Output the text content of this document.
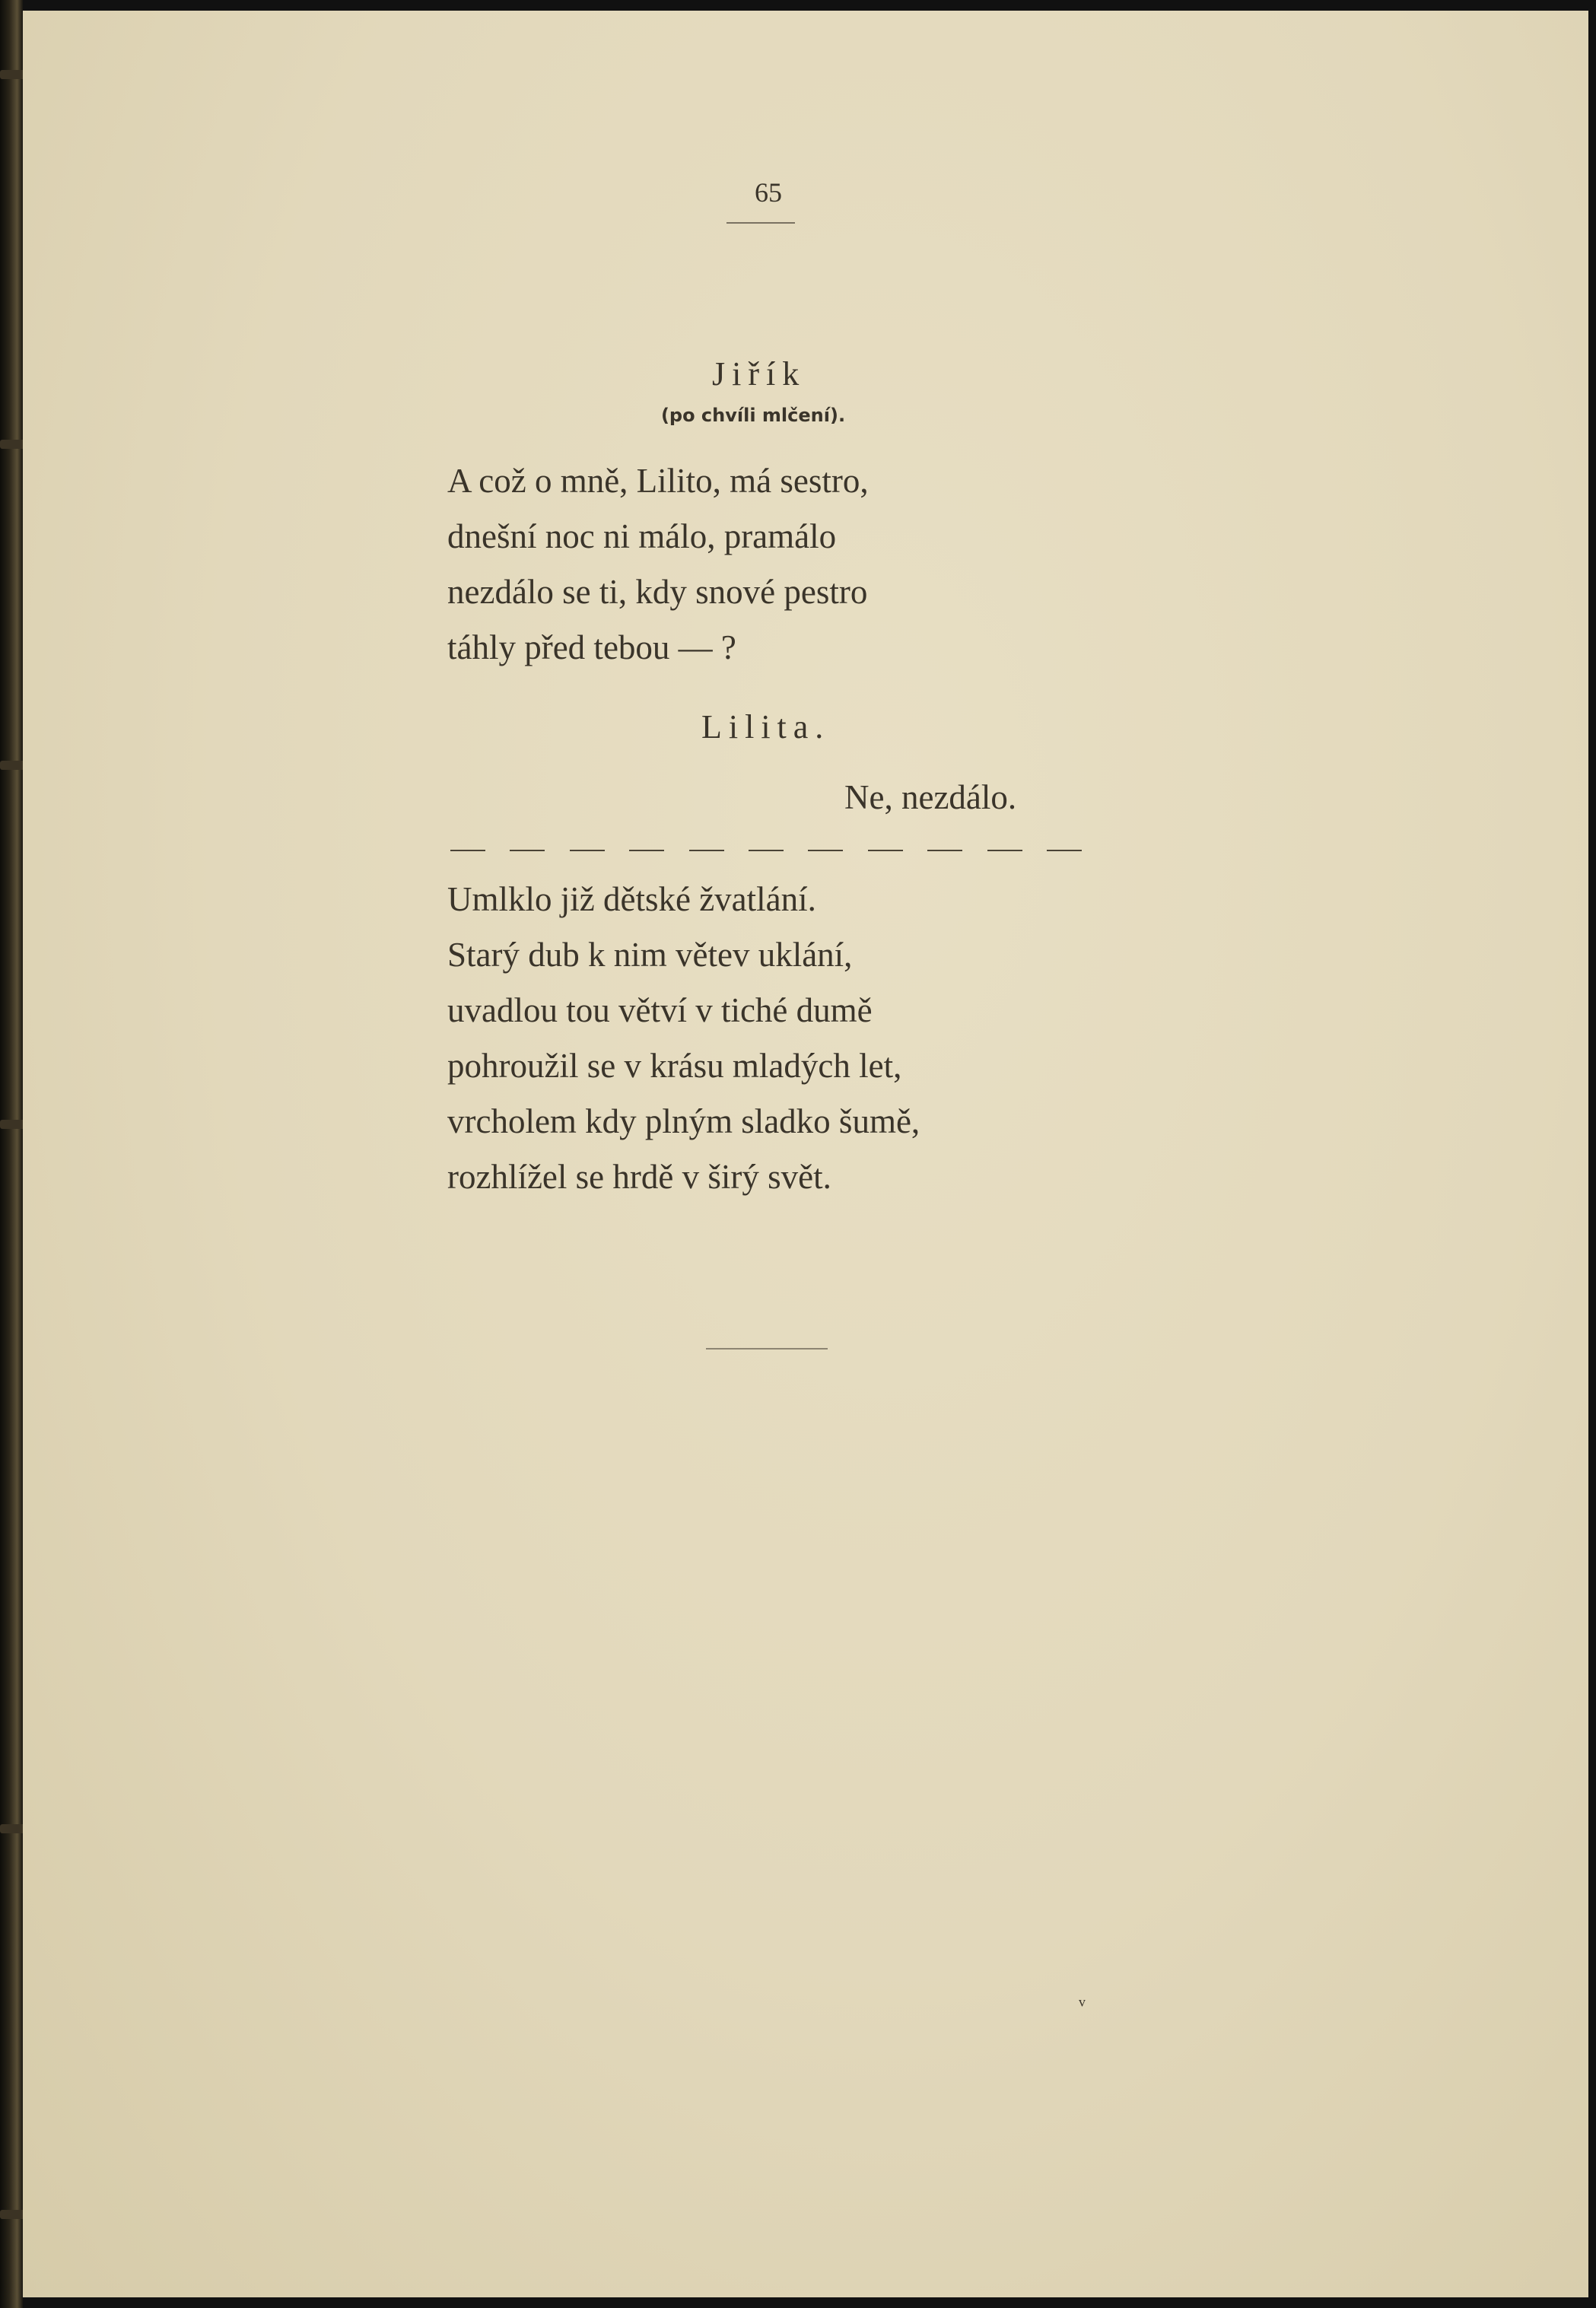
65
Jiřík
(po chvíli mlčení).
A což o mně, Lilito, má sestro,
dnešní noc ni málo, pramálo
nezdálo se ti, kdy snové pestro
táhly před tebou — ?
Lilita.
Ne, nezdálo.
Umlklo již dětské žvatlání.
Starý dub k nim větev uklání,
uvadlou tou větví v tiché dumě
pohroužil se v krásu mladých let,
vrcholem kdy plným sladko šumě,
rozhlížel se hrdě v širý svět.
ᵛ
